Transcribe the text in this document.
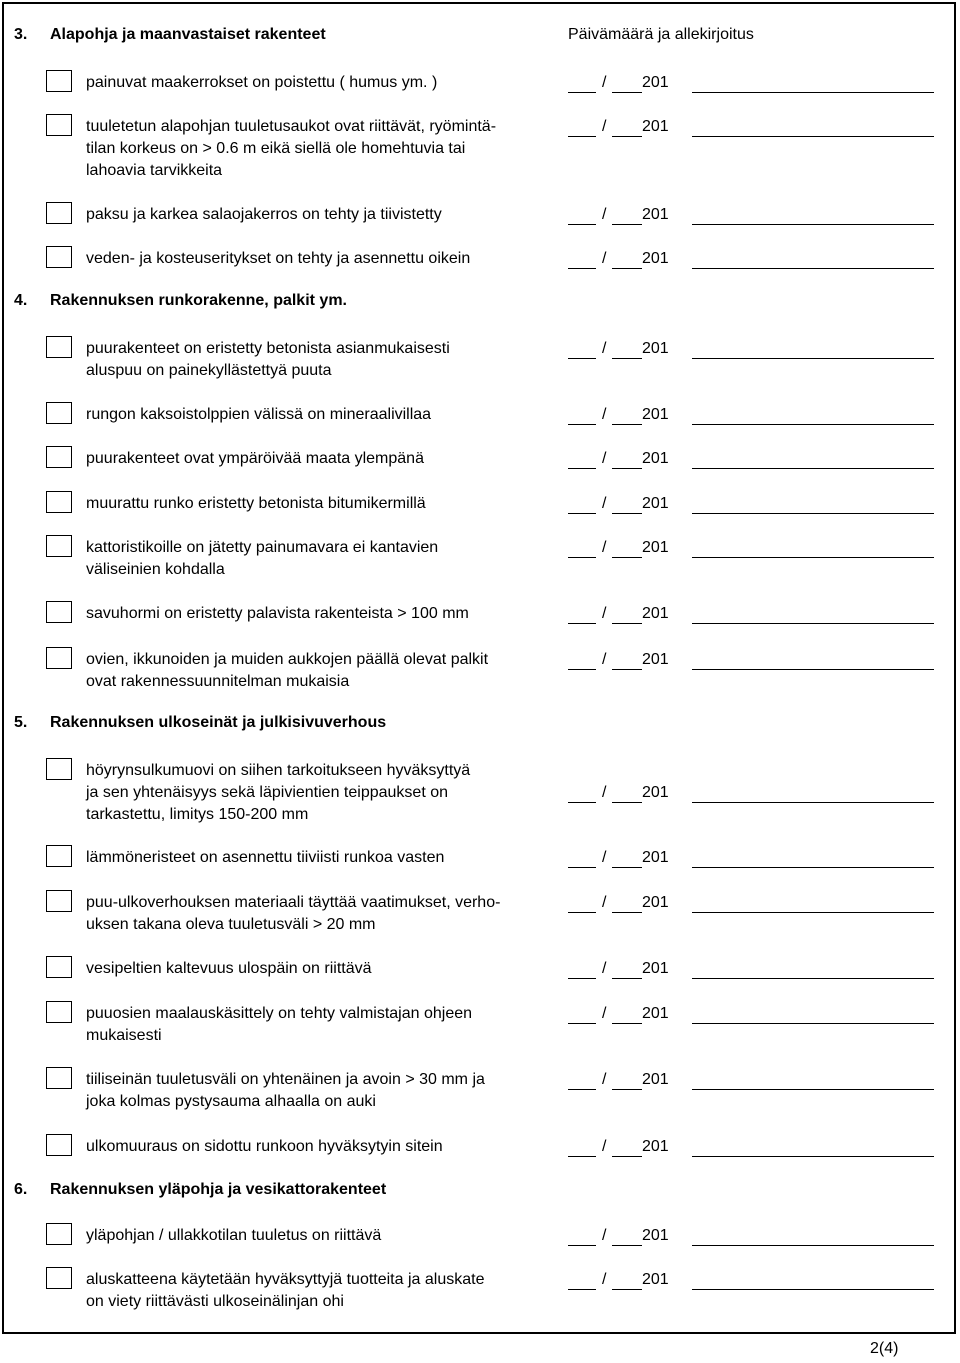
Päivämäärä ja allekirjoitus
3. Alapohja ja maanvastaiset rakenteet
painuvat maakerrokset on poistettu ( humus ym. )	/ 201
tuuletetun alapohjan tuuletusaukot ovat riittävät, ryömintä-
tilan korkeus on > 0.6 m eikä siellä ole homehtuvia tai
lahoavia tarvikkeita
/ 201
paksu ja karkea salaojakerros on tehty ja tiivistetty	/ 201
veden- ja kosteuseritykset on tehty ja asennettu oikein	/ 201
4. Rakennuksen runkorakenne, palkit ym.
puurakenteet on eristetty betonista asianmukaisesti
aluspuu on painekyllästettyä puuta
/ 201
rungon kaksoistolppien välissä on mineraalivillaa	/ 201
puurakenteet ovat ympäröivää maata ylempänä	/ 201
muurattu runko eristetty betonista bitumikermillä	/ 201
kattoristikoille on jätetty painumavara ei kantavien
väliseinien kohdalla
/ 201
savuhormi on eristetty palavista rakenteista > 100 mm	/ 201
ovien, ikkunoiden ja muiden aukkojen päällä olevat palkit
ovat rakennessuunnitelman mukaisia
/ 201
5. Rakennuksen ulkoseinät ja julkisivuverhous
höyrynsulkumuovi on siihen tarkoitukseen hyväksyttyä
ja sen yhtenäisyys sekä läpivientien teippaukset on
tarkastettu, limitys 150-200 mm
/ 201
lämmöneristeet on asennettu tiiviisti runkoa vasten	/ 201
puu-ulkoverhouksen materiaali täyttää vaatimukset, verho-
uksen takana oleva tuuletusväli > 20 mm
/ 201
vesipeltien kaltevuus ulospäin on riittävä	/ 201
puuosien maalauskäsittely on tehty valmistajan ohjeen
mukaisesti
/ 201
tiiliseinän tuuletusväli on yhtenäinen ja avoin > 30 mm ja
joka kolmas pystysauma alhaalla on auki
/ 201
ulkomuuraus on sidottu runkoon hyväksytyin sitein	/ 201
6. Rakennuksen yläpohja ja vesikattorakenteet
yläpohjan / ullakkotilan tuuletus on riittävä	/ 201
aluskatteena käytetään hyväksyttyjä tuotteita ja aluskate
on viety riittävästi ulkoseinälinjan ohi
/ 201
2(4)
